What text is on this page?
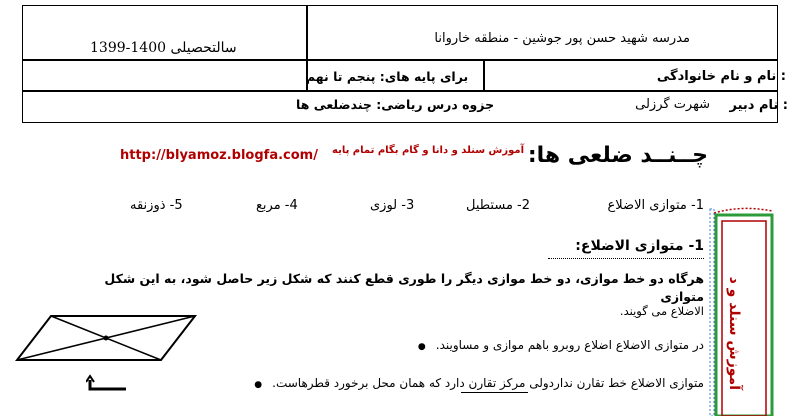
سالتحصیلی 1400-1399
مدرسه شهید حسن پور جوشین - منطقه خاروانا
نام و نام خانوادگی :
برای پایه های: پنجم تا نهم
نام دبیر :
شهرت گرزلی
جزوه درس ریاضی: چندضلعی ها
چــنــد ضلعی ها:
آموزش سنلد و دانا و گام بگام تمام پایه
http://blyamoz.blogfa.com/
1- متوازی الاضلاع
2- مستطیل
3- لوزی
4- مربع
5- ذوزنقه
1- متوازی الاضلاع:
هرگاه دو خط موازی، دو خط موازی دیگر را طوری قطع کنند که شکل زیر حاصل شود، به این شکل متوازی
الاضلاع می گویند.
در متوازی الاضلاع اضلاع روبرو باهم موازی و مساویند. ●
متوازی الاضلاع خط تقارن نداردولی مرکز تقارن دارد که همان محل برخورد قطرهاست. ● آموزش سنلد و د
